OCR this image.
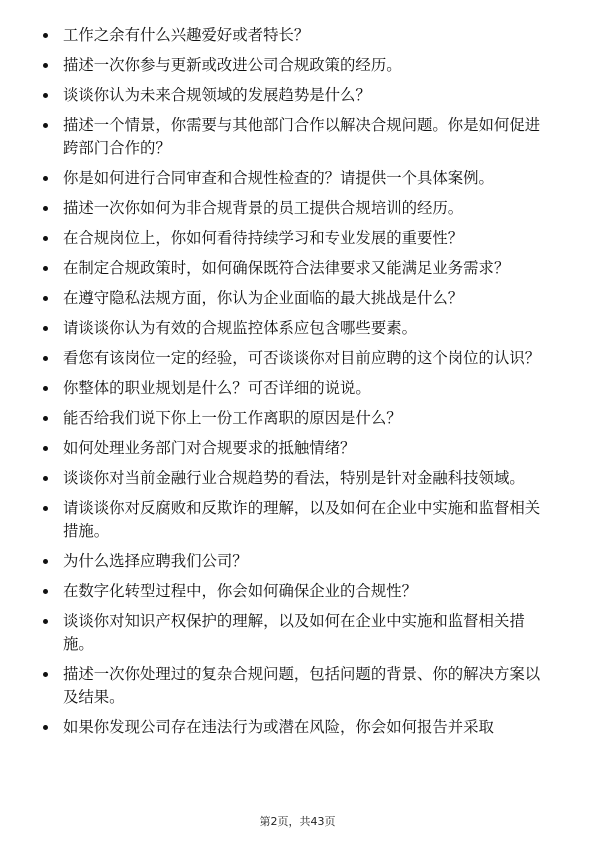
工作之余有什么兴趣爱好或者特长？
描述一次你参与更新或改进公司合规政策的经历。
谈谈你认为未来合规领域的发展趋势是什么？
描述一个情景，你需要与其他部门合作以解决合规问题。你是如何促进跨部门合作的？
你是如何进行合同审查和合规性检查的？请提供一个具体案例。
描述一次你如何为非合规背景的员工提供合规培训的经历。
在合规岗位上，你如何看待持续学习和专业发展的重要性？
在制定合规政策时，如何确保既符合法律要求又能满足业务需求？
在遵守隐私法规方面，你认为企业面临的最大挑战是什么？
请谈谈你认为有效的合规监控体系应包含哪些要素。
看您有该岗位一定的经验，可否谈谈你对目前应聘的这个岗位的认识？
你整体的职业规划是什么？可否详细的说说。
能否给我们说下你上一份工作离职的原因是什么？
如何处理业务部门对合规要求的抵触情绪？
谈谈你对当前金融行业合规趋势的看法，特别是针对金融科技领域。
请谈谈你对反腐败和反欺诈的理解，以及如何在企业中实施和监督相关措施。
为什么选择应聘我们公司？
在数字化转型过程中，你会如何确保企业的合规性？
谈谈你对知识产权保护的理解，以及如何在企业中实施和监督相关措施。
描述一次你处理过的复杂合规问题，包括问题的背景、你的解决方案以及结果。
如果你发现公司存在违法行为或潜在风险，你会如何报告并采取
第2页，共43页
